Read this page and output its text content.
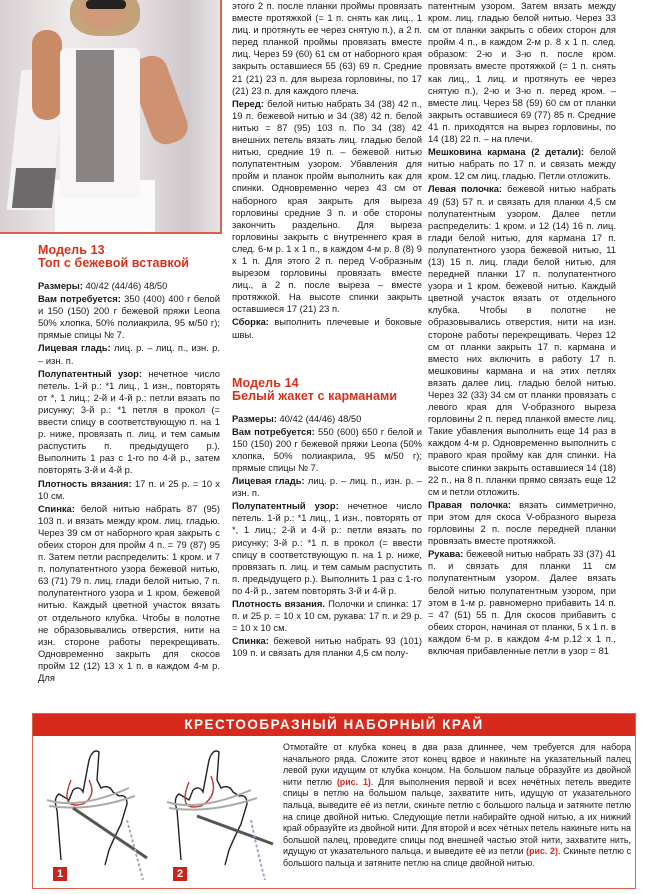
Модель 13
Топ с бежевой вставкой

Размеры: 40/42 (44/46) 48/50

Вам потребуется: 350 (400) 400 г белой и 150 (150) 200 г бежевой пряжи Leona 50% хлопка, 50% полиакрила, 95 м/50 г); прямые спицы № 7.

Лицевая гладь: лиц. р. – лиц. п., изн. р. – изн. п.

Полупатентный узор: нечетное число петель. 1-й р.: *1 лиц., 1 изн., повторять от *, 1 лиц.; 2-й и 4-й р.: петли вязать по рисунку; 3-й р.: *1 петля в прокол (= ввести спицу в соответствующую п. на 1 р. ниже, провязать п. лиц. и тем самым распустить п. предыдущего р.). Выполнить 1 раз с 1-го по 4-й р., затем повторять 3-й и 4-й р.

Плотность вязания: 17 п. и 25 р. = 10 х 10 см.

Спинка: белой нитью набрать 87 (95) 103 п. и вязать между кром. лиц. гладью. Через 39 см от наборного края закрыть с обеих сторон для пройм 4 п. = 79 (87) 95 п. Затем петли распределить: 1 кром. и 7 п. полупатентного узора бежевой нитью, 63 (71) 79 п. лиц. глади белой нитью, 7 п. полупатентного узора и 1 кром. бежевой нитью. Каждый цветной участок вязать от отдельного клубка. Чтобы в полотне не образовывались отверстия, нити на изн. стороне работы перекрещивать. Одновременно закрыть для скосов пройм 12 (12) 13 х 1 п. в каждом 4-м р. Для

этого 2 п. после планки проймы провязать вместе протяжкой (= 1 п. снять как лиц., 1 лиц. и протянуть ее через снятую п.), а 2 п. перед планкой проймы провязать вместе лиц. Через 59 (60) 61 см от наборного края закрыть оставшиеся 55 (63) 69 п. Средние 21 (21) 23 п. для выреза горловины, по 17 (21) 23 п. для каждого плеча.

Перед: белой нитью набрать 34 (38) 42 п., 19 п. бежевой нитью и 34 (38) 42 п. белой нитью = 87 (95) 103 п. По 34 (38) 42 внешних петель вязать лиц. гладью белой нитью, средние 19 п. – бежевой нитью полупатентным узором. Убавления для пройм и планок пройм выполнить как для спинки. Одновременно через 43 см от наборного края закрыть для выреза горловины средние 3 п. и обе стороны закончить раздельно. Для выреза горловины закрыть с внутреннего края в след. 6-м р. 1 х 1 п., в каждом 4-м р. 8 (8) 9 х 1 п. Для этого 2 п. перед V-образным вырезом горловины провязать вместе лиц., а 2 п. после выреза – вместе протяжкой. На высоте спинки закрыть оставшиеся 17 (21) 23 п.

Сборка: выполнить плечевые и боковые швы.

Модель 14
Белый жакет с карманами

Размеры: 40/42 (44/46) 48/50

Вам потребуется: 550 (600) 650 г белой и 150 (150) 200 г бежевой пряжи Leona (50% хлопка, 50% полиакрила, 95 м/50 г); прямые спицы № 7.

Лицевая гладь: лиц. р. – лиц. п., изн. р. – изн. п.

Полупатентный узор: нечетное число петель. 1-й р.: *1 лиц., 1 изн., повторять от *, 1 лиц.; 2-й и 4-й р.: петли вязать по рисунку; 3-й р.: *1 п. в прокол (= ввести спицу в соответствующую п. на 1 р. ниже, провязать п. лиц. и тем самым распустить п. предыдущего р.). Выполнить 1 раз с 1-го по 4-й р., затем повторять 3-й и 4-й р.

Плотность вязания. Полочки и спинка: 17 п. и 25 р. = 10 х 10 см, рукава: 17 п. и 29 р. = 10 х 10 см.

Спинка: бежевой нитью набрать 93 (101) 109 п. и связать для планки 4,5 см полу-

патентным узором. Затем вязать между кром. лиц. гладью белой нитью. Через 33 см от планки закрыть с обеих сторон для пройм 4 п., в каждом 2-м р. 8 х 1 п. след. образом: 2-ю и 3-ю п. после кром. провязать вместе протяжкой (= 1 п. снять как лиц., 1 лиц. и протянуть ее через снятую п.), 2-ю и 3-ю п. перед кром. – вместе лиц. Через 58 (59) 60 см от планки закрыть оставшиеся 69 (77) 85 п. Средние 41 п. приходятся на вырез горловины, по 14 (18) 22 п. – на плечи.

Мешковина кармана (2 детали): белой нитью набрать по 17 п. и связать между кром. 12 см лиц. гладью. Петли отложить.

Левая полочка: бежевой нитью набрать 49 (53) 57 п. и связать для планки 4,5 см полупатентным узором. Далее петли распределить: 1 кром. и 12 (14) 16 п. лиц. глади белой нитью, для кармана 17 п. полупатентного узора бежевой нитью, 11 (13) 15 п. лиц. глади белой нитью, для передней планки 17 п. полупатентного узора и 1 кром. бежевой нитью. Каждый цветной участок вязать от отдельного клубка. Чтобы в полотне не образовывались отверстия, нити на изн. стороне работы перекрещивать. Через 12 см от планки закрыть 17 п. кармана и вместо них включить в работу 17 п. мешковины кармана и на этих петлях вязать далее лиц. гладью белой нитью. Через 32 (33) 34 см от планки провязать с левого края для V-образного выреза горловины 2 п. перед планкой вместе лиц. Такие убавления выполнить еще 14 раз в каждом 4-м р. Одновременно выполнить с правого края пройму как для спинки. На высоте спинки закрыть оставшиеся 14 (18) 22 п., на 8 п. планки прямо связать еще 12 см и петли отложить.

Правая полочка: вязать симметрично, при этом для скоса V-образного выреза горловины 2 п. после передней планки провязать вместе протяжкой.

Рукава: бежевой нитью набрать 33 (37) 41 п. и связать для планки 11 см полупатентным узором. Далее вязать белой нитью полупатентным узором, при этом в 1-м р. равномерно прибавить 14 п. = 47 (51) 55 п. Для скосов прибавить с обеих сторон, начиная от планки, 5 х 1 п. в каждом 6-м р. в каждом 4-м р.12 х 1 п., включая прибавленные петли в узор = 81

КРЕСТООБРАЗНЫЙ НАБОРНЫЙ КРАЙ
1	2
Отмотайте от клубка конец в два раза длиннее, чем требуется для набора начального ряда. Сложите этот конец вдвое и накиньте на указательный палец левой руки идущим от клубка концом. На большом пальце образуйте из двойной нити петлю (рис. 1). Для выполнения первой и всех нечётных петель введите спицы в петлю на большом пальце, захватите нить, идущую от указательного пальца, выведите её из петли, скиньте петлю с большого пальца и затяните петлю на спице двойной нитью. Следующие петли набирайте одной нитью, а их нижний край образуйте из двойной нити. Для второй и всех чётных петель накиньте нить на большой палец, проведите спицы под внешней частью этой нити, захватите нить, идущую от указательного пальца, и выведите её из петли (рис. 2). Скиньте петлю с большого пальца и затяните петлю на спице двойной нитью.
